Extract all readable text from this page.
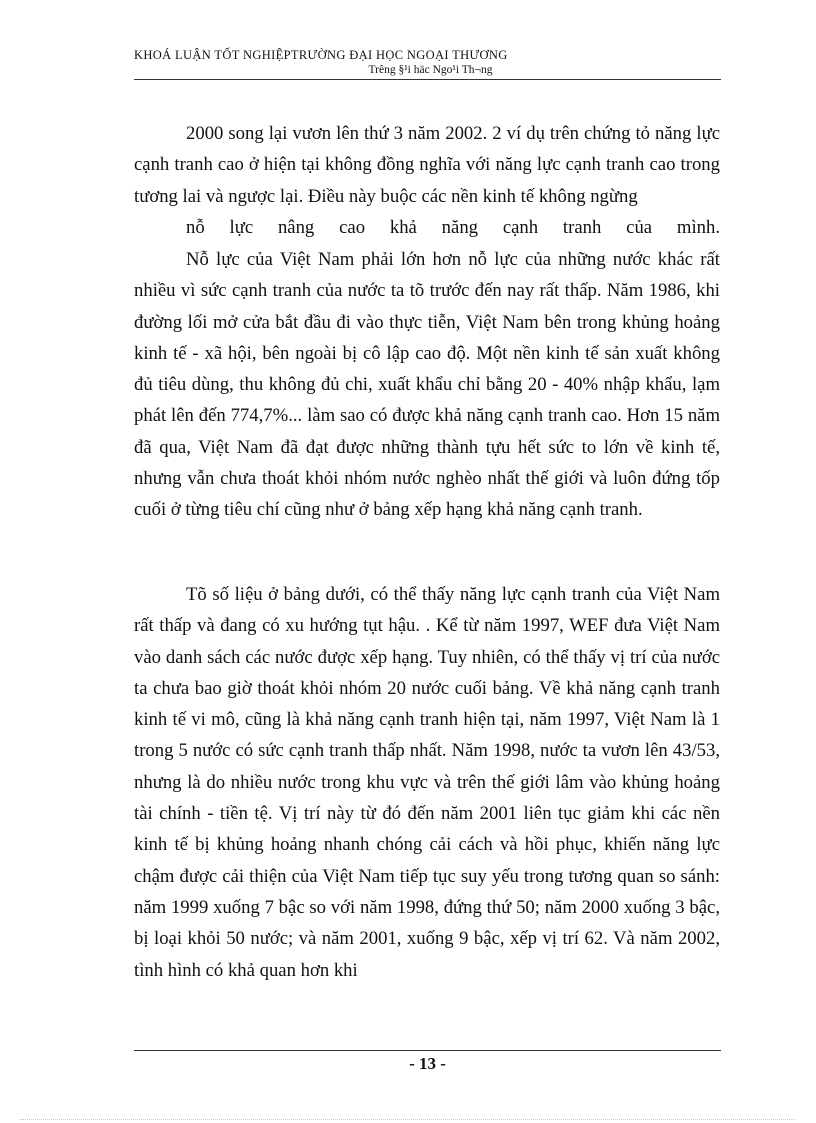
KHOÁ LUẬN TỐT NGHIỆPTRƯỜNG ĐẠI HỌC NGOẠI THƯƠNG
Trêng §¹i häc Ngo¹i Th¬ng

2000 song lại vươn lên thứ 3 năm 2002. 2 ví dụ trên chứng tỏ năng lực cạnh tranh cao ở hiện tại không đồng nghĩa với năng lực cạnh tranh cao trong tương lai và ngược lại. Điều này buộc các nền kinh tế không ngừng
nỗ lực nâng cao khả năng cạnh tranh của mình.

Nỗ lực của Việt Nam phải lớn hơn nỗ lực của những nước khác rất nhiều vì sức cạnh tranh của nước ta tõ trước đến nay rất thấp. Năm 1986, khi đường lối mở cửa bắt đầu đi vào thực tiễn, Việt Nam bên trong khủng hoảng kinh tế - xã hội, bên ngoài bị cô lập cao độ. Một nền kinh tế sản xuất không đủ tiêu dùng, thu không đủ chi, xuất khẩu chỉ bằng 20 - 40% nhập khẩu, lạm phát lên đến 774,7%... làm sao có được khả năng cạnh tranh cao. Hơn 15 năm đã qua, Việt Nam đã đạt được những thành tựu hết sức to lớn về kinh tế, nhưng vẫn chưa thoát khỏi nhóm nước nghèo nhất thế giới và luôn đứng tốp cuối ở từng tiêu chí cũng như ở bảng xếp hạng khả năng cạnh tranh.

Tõ số liệu ở bảng dưới, có thể thấy năng lực cạnh tranh của Việt Nam rất thấp và đang có xu hướng tụt hậu. . Kể từ năm 1997, WEF đưa Việt Nam vào danh sách các nước được xếp hạng. Tuy nhiên, có thể thấy vị trí của nước ta chưa bao giờ thoát khỏi nhóm 20 nước cuối bảng. Về khả năng cạnh tranh kinh tế vi mô, cũng là khả năng cạnh tranh hiện tại, năm 1997, Việt Nam là 1 trong 5 nước có sức cạnh tranh thấp nhất. Năm 1998, nước ta vươn lên 43/53, nhưng là do nhiều nước trong khu vực và trên thế giới lâm vào khủng hoảng tài chính - tiền tệ. Vị trí này từ đó đến năm 2001 liên tục giảm khi các nền kinh tế bị khủng hoảng nhanh chóng cải cách và hồi phục, khiến năng lực chậm được cải thiện của Việt Nam tiếp tục suy yếu trong tương quan so sánh: năm 1999 xuống 7 bậc so với năm 1998, đứng thứ 50; năm 2000 xuống 3 bậc, bị loại khỏi 50 nước; và năm 2001, xuống 9 bậc, xếp vị trí 62. Và năm 2002, tình hình có khả quan hơn khi

- 13 -
